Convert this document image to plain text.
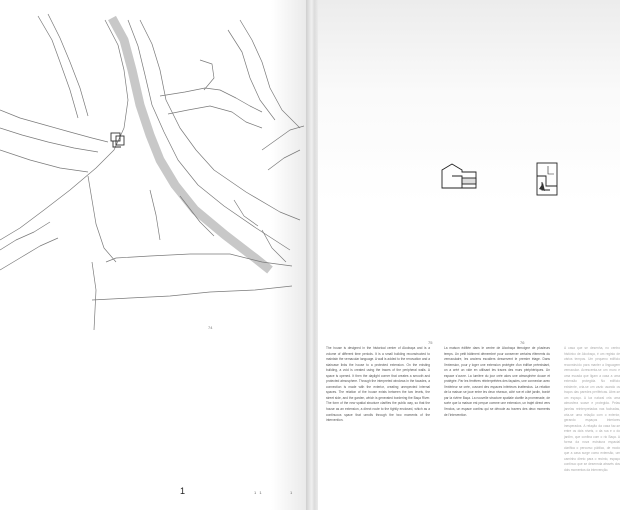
74
1	1 1	1
75	76

The house is designed in the historical center of Alcobaça and is a volume of different time periods. It is a small building reconstructed to maintain the vernacular language. A wall is added to the renovation and a staircase links the house to a protected extension. On the existing building, a void is created using the traces of the peripheral walls. A space is opened. It then the daylight corner that creates a smooth and protected atmosphere. Through the interpreted windows in the facades, a connection is made with the exterior, creating unexpected internal spaces. The relation of the house exists between the two levels, the street side, and the garden, which is generated bordering the Baça River. The form of the new spatial structure clarifies the public way, so that the house as an extension, a direct route to the tightly enclosed, which as a continuous space that unrolls through the two moments of the intervention.

La maison édifiée dans le centre de Alcobaça témoigne de plusieurs temps. Un petit bâtiment démembré pour conserver certains éléments du vernaculaire, les anciens escaliers desservent le premier étage. Dans l'extension, pour y loger une extension protégée d'un édifice préexistant, on a créé un vide en utilisant les traces des murs périphériques. Un espace s'ouvre. La lumière du jour crée alors une atmosphère douce et protégée. Par les fenêtres réinterprétées des façades, une connexion avec l'extérieur se crée, ouvrant des espaces intérieurs inattendus. La relation de la maison se joue entre les deux niveaux, côté rue et côté jardin, bordé par la rivière Baça. La nouvelle structure spatiale clarifie la promenade, de sorte que la maison est perçue comme une extension, un trajet direct vers l'enclos, un espace continu qui se déroule au travers des deux moments de l'intervention.

A casa que se desenha, no centro histórico de Alcobaça, é um registo de vários tempos. Um pequeno edifício reconstruído para manter a linguagem vernacular. Acrescenta-se um muro e uma escada que ligam a casa a uma extensão protegida. No edifício existente, cria-se um vazio usando os traços das paredes periféricas. Abre-se um espaço. A luz natural cria uma atmosfera suave e protegida. Pelas janelas reinterpretadas nas fachadas, cria-se uma relação com o exterior, gerando espaços interiores inesperados. A relação da casa faz-se entre os dois níveis, o da rua e o do jardim, que confina com o rio Baça. A forma da nova estrutura espacial clarifica o percurso público, de modo que a casa surge como extensão, um caminho direto para o recinto, espaço contínuo que se desenrola através dos dois momentos da intervenção.
